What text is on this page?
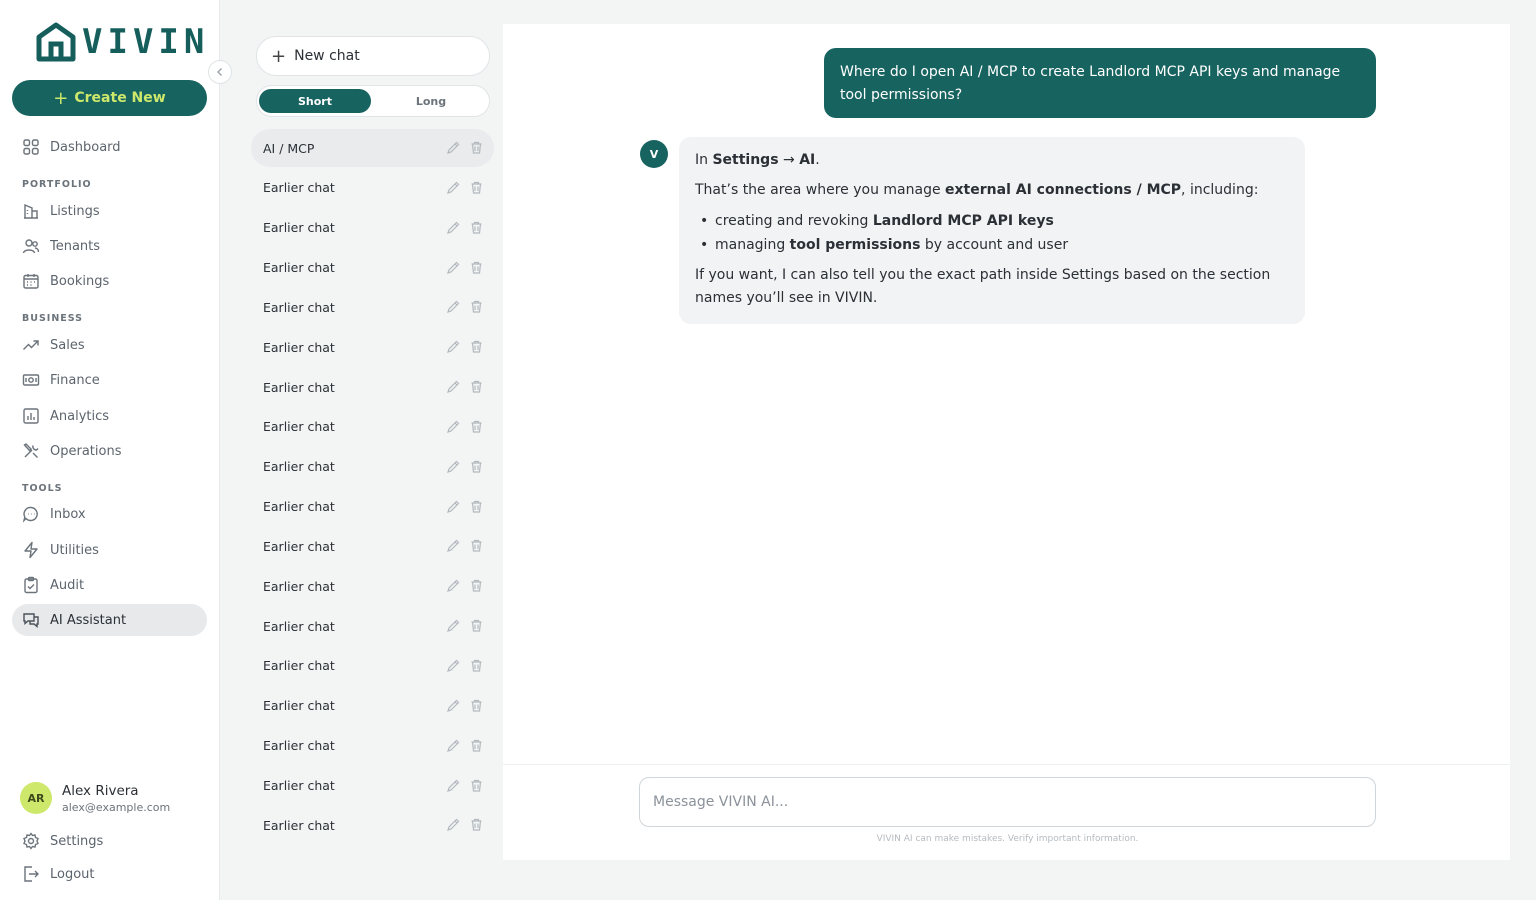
VIVIN
+ Create New
Dashboard
PORTFOLIO
Listings
Tenants
Bookings
BUSINESS
Sales
Finance
Analytics
Operations
TOOLS
Inbox
Utilities
Audit
AI Assistant
AR	Alex Rivera
alex@example.com
Settings
Logout
+ New chat
Short	Long
AI / MCP
Earlier chat
Earlier chat
Earlier chat
Earlier chat
Earlier chat
Earlier chat
Earlier chat
Earlier chat
Earlier chat
Earlier chat
Earlier chat
Earlier chat
Earlier chat
Earlier chat
Earlier chat
Earlier chat
Earlier chat
Where do I open AI / MCP to create Landlord MCP API keys and manage tool permissions?
V	In Settings → AI.

That’s the area where you manage external AI connections / MCP, including:

• creating and revoking Landlord MCP API keys
• managing tool permissions by account and user

If you want, I can also tell you the exact path inside Settings based on the section names you’ll see in VIVIN.

Message VIVIN AI...
VIVIN AI can make mistakes. Verify important information.
